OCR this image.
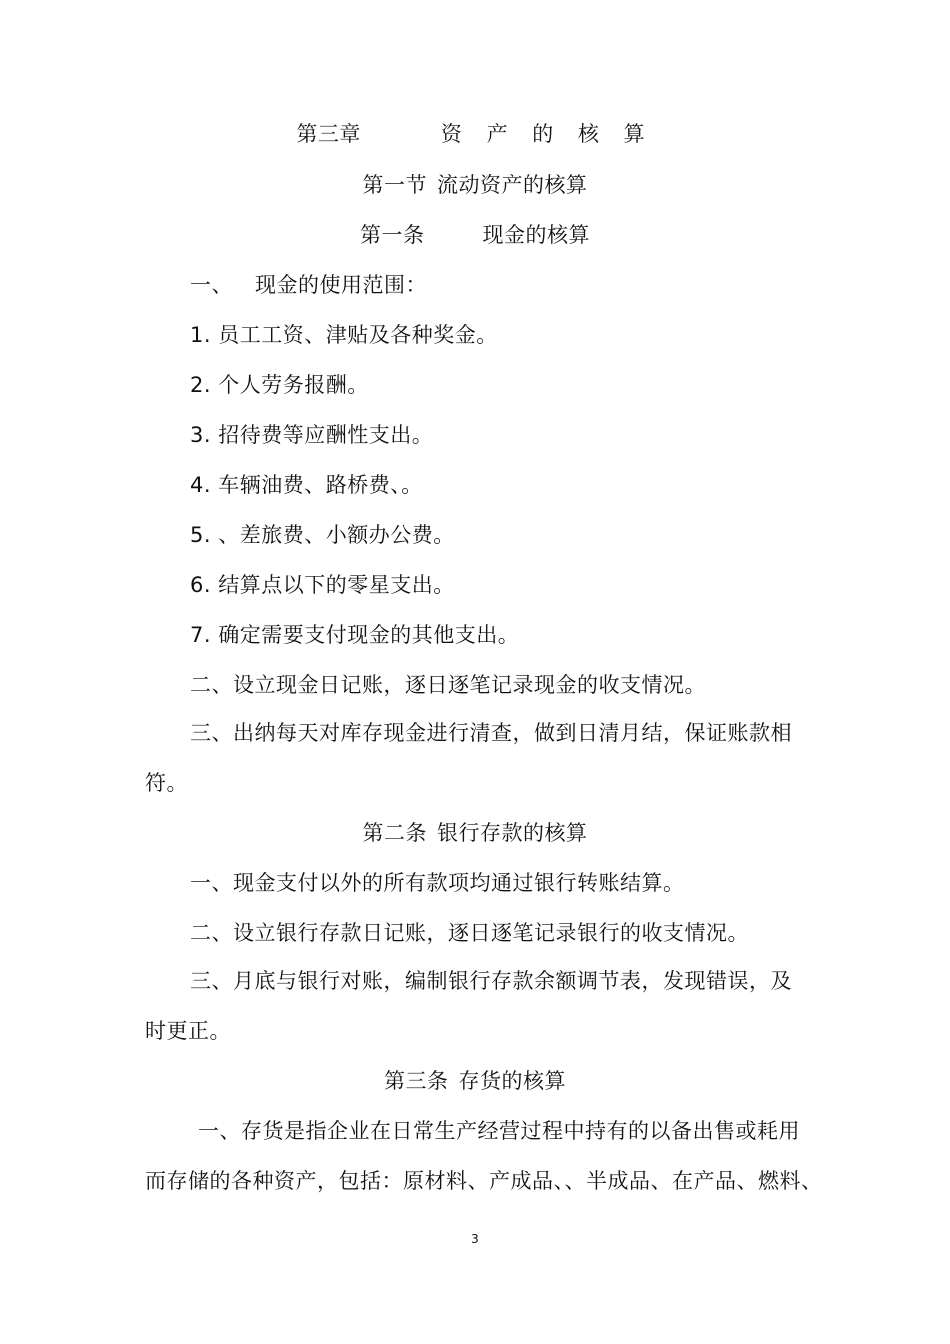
第三章	资 产 的 核 算
第一节 流动资产的核算
第一条	现金的核算
一、 现金的使用范围：
1. 员工工资、津贴及各种奖金。
2. 个人劳务报酬。
3. 招待费等应酬性支出。
4. 车辆油费、路桥费、。
5. 、差旅费、小额办公费。
6. 结算点以下的零星支出。
7. 确定需要支付现金的其他支出。
二、设立现金日记账，逐日逐笔记录现金的收支情况。
三、出纳每天对库存现金进行清查，做到日清月结，保证账款相
符。
第二条 银行存款的核算
一、现金支付以外的所有款项均通过银行转账结算。
二、设立银行存款日记账，逐日逐笔记录银行的收支情况。
三、月底与银行对账，编制银行存款余额调节表，发现错误，及
时更正。
第三条 存货的核算
一、存货是指企业在日常生产经营过程中持有的以备出售或耗用
而存储的各种资产，包括：原材料、产成品、、半成品、在产品、燃料、
3
